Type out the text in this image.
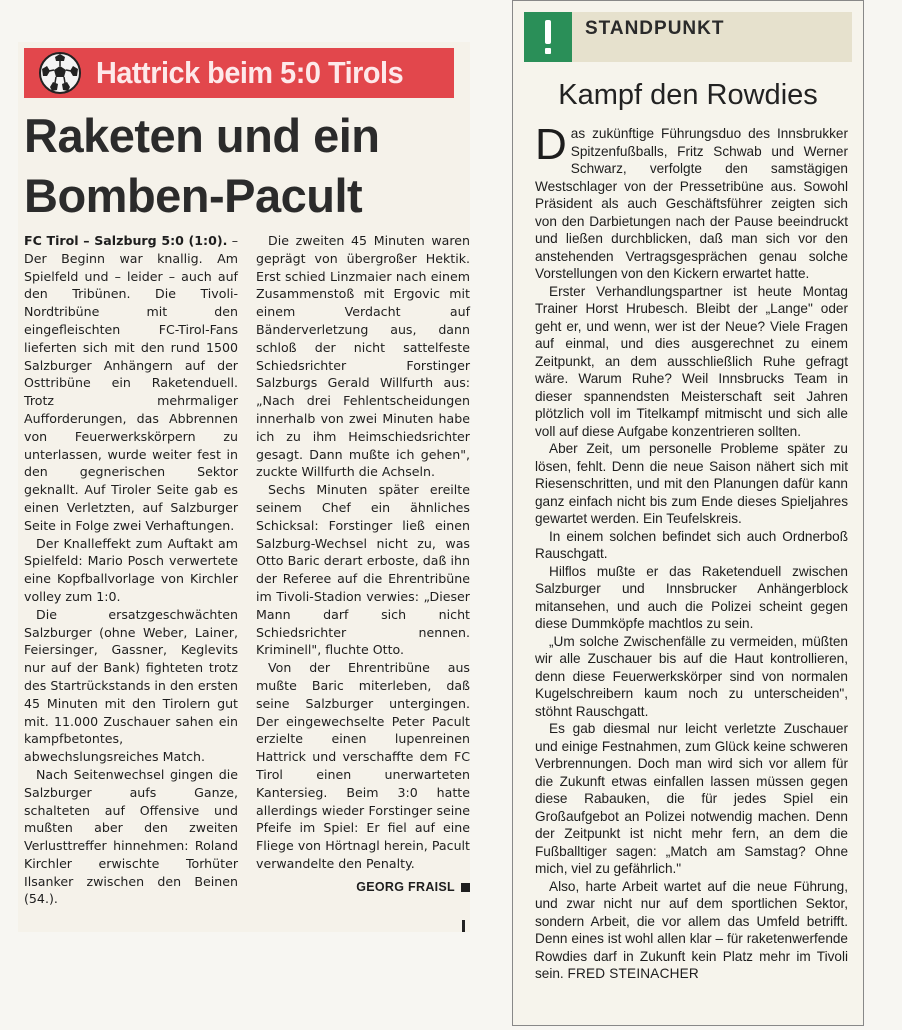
Hattrick beim 5:0 Tirols
Raketen und ein
Bomben-Pacult

FC Tirol – Salzburg 5:0 (1:0). – Der Beginn war knallig. Am Spielfeld und – leider – auch auf den Tribünen. Die Tivoli-Nordtribüne mit den eingefleischten FC-Tirol-Fans lieferten sich mit den rund 1500 Salzburger Anhängern auf der Osttribüne ein Raketenduell. Trotz mehrmaliger Aufforderungen, das Abbrennen von Feuerwerkskörpern zu unterlassen, wurde weiter fest in den gegnerischen Sektor geknallt. Auf Tiroler Seite gab es einen Verletzten, auf Salzburger Seite in Folge zwei Verhaftungen.

Der Knalleffekt zum Auftakt am Spielfeld: Mario Posch verwertete eine Kopfballvorlage von Kirchler volley zum 1:0.

Die ersatzgeschwächten Salzburger (ohne Weber, Lainer, Feiersinger, Gassner, Keglevits nur auf der Bank) fighteten trotz des Startrückstands in den ersten 45 Minuten mit den Tirolern gut mit. 11.000 Zuschauer sahen ein kampfbetontes, abwechslungsreiches Match.

Nach Seitenwechsel gingen die Salzburger aufs Ganze, schalteten auf Offensive und mußten aber den zweiten Verlusttreffer hinnehmen: Roland Kirchler erwischte Torhüter Ilsanker zwischen den Beinen (54.).

Die zweiten 45 Minuten waren geprägt von übergroßer Hektik. Erst schied Linzmaier nach einem Zusammenstoß mit Ergovic mit einem Verdacht auf Bänderverletzung aus, dann schloß der nicht sattelfeste Schiedsrichter Forstinger Salzburgs Gerald Willfurth aus: „Nach drei Fehlentscheidungen innerhalb von zwei Minuten habe ich zu ihm Heimschiedsrichter gesagt. Dann mußte ich gehen", zuckte Willfurth die Achseln.

Sechs Minuten später ereilte seinem Chef ein ähnliches Schicksal: Forstinger ließ einen Salzburg-Wechsel nicht zu, was Otto Baric derart erboste, daß ihn der Referee auf die Ehrentribüne im Tivoli-Stadion verwies: „Dieser Mann darf sich nicht Schiedsrichter nennen. Kriminell", fluchte Otto.

Von der Ehrentribüne aus mußte Baric miterleben, daß seine Salzburger untergingen. Der eingewechselte Peter Pacult erzielte einen lupenreinen Hattrick und verschaffte dem FC Tirol einen unerwarteten Kantersieg. Beim 3:0 hatte allerdings wieder Forstinger seine Pfeife im Spiel: Er fiel auf eine Fliege von Hörtnagl herein, Pacult verwandelte den Penalty.

GEORG FRAISL
STANDPUNKT
Kampf den Rowdies

Das zukünftige Führungsduo des Innsbrukker Spitzenfußballs, Fritz Schwab und Werner Schwarz, verfolgte den samstägigen Westschlager von der Pressetribüne aus. Sowohl Präsident als auch Geschäftsführer zeigten sich von den Darbietungen nach der Pause beeindruckt und ließen durchblicken, daß man sich vor den anstehenden Vertragsgesprächen genau solche Vorstellungen von den Kickern erwartet hatte.

Erster Verhandlungspartner ist heute Montag Trainer Horst Hrubesch. Bleibt der „Lange" oder geht er, und wenn, wer ist der Neue? Viele Fragen auf einmal, und dies ausgerechnet zu einem Zeitpunkt, an dem ausschließlich Ruhe gefragt wäre. Warum Ruhe? Weil Innsbrucks Team in dieser spannendsten Meisterschaft seit Jahren plötzlich voll im Titelkampf mitmischt und sich alle voll auf diese Aufgabe konzentrieren sollten.

Aber Zeit, um personelle Probleme später zu lösen, fehlt. Denn die neue Saison nähert sich mit Riesenschritten, und mit den Planungen dafür kann ganz einfach nicht bis zum Ende dieses Spieljahres gewartet werden. Ein Teufelskreis.

In einem solchen befindet sich auch Ordnerboß Rauschgatt.

Hilflos mußte er das Raketenduell zwischen Salzburger und Innsbrucker Anhängerblock mitansehen, und auch die Polizei scheint gegen diese Dummköpfe machtlos zu sein.

„Um solche Zwischenfälle zu vermeiden, müßten wir alle Zuschauer bis auf die Haut kontrollieren, denn diese Feuerwerkskörper sind von normalen Kugelschreibern kaum noch zu unterscheiden", stöhnt Rauschgatt.

Es gab diesmal nur leicht verletzte Zuschauer und einige Festnahmen, zum Glück keine schweren Verbrennungen. Doch man wird sich vor allem für die Zukunft etwas einfallen lassen müssen gegen diese Rabauken, die für jedes Spiel ein Großaufgebot an Polizei notwendig machen. Denn der Zeitpunkt ist nicht mehr fern, an dem die Fußballtiger sagen: „Match am Samstag? Ohne mich, viel zu gefährlich."

Also, harte Arbeit wartet auf die neue Führung, und zwar nicht nur auf dem sportlichen Sektor, sondern Arbeit, die vor allem das Umfeld betrifft. Denn eines ist wohl allen klar – für raketenwerfende Rowdies darf in Zukunft kein Platz mehr im Tivoli sein. FRED STEINACHER
